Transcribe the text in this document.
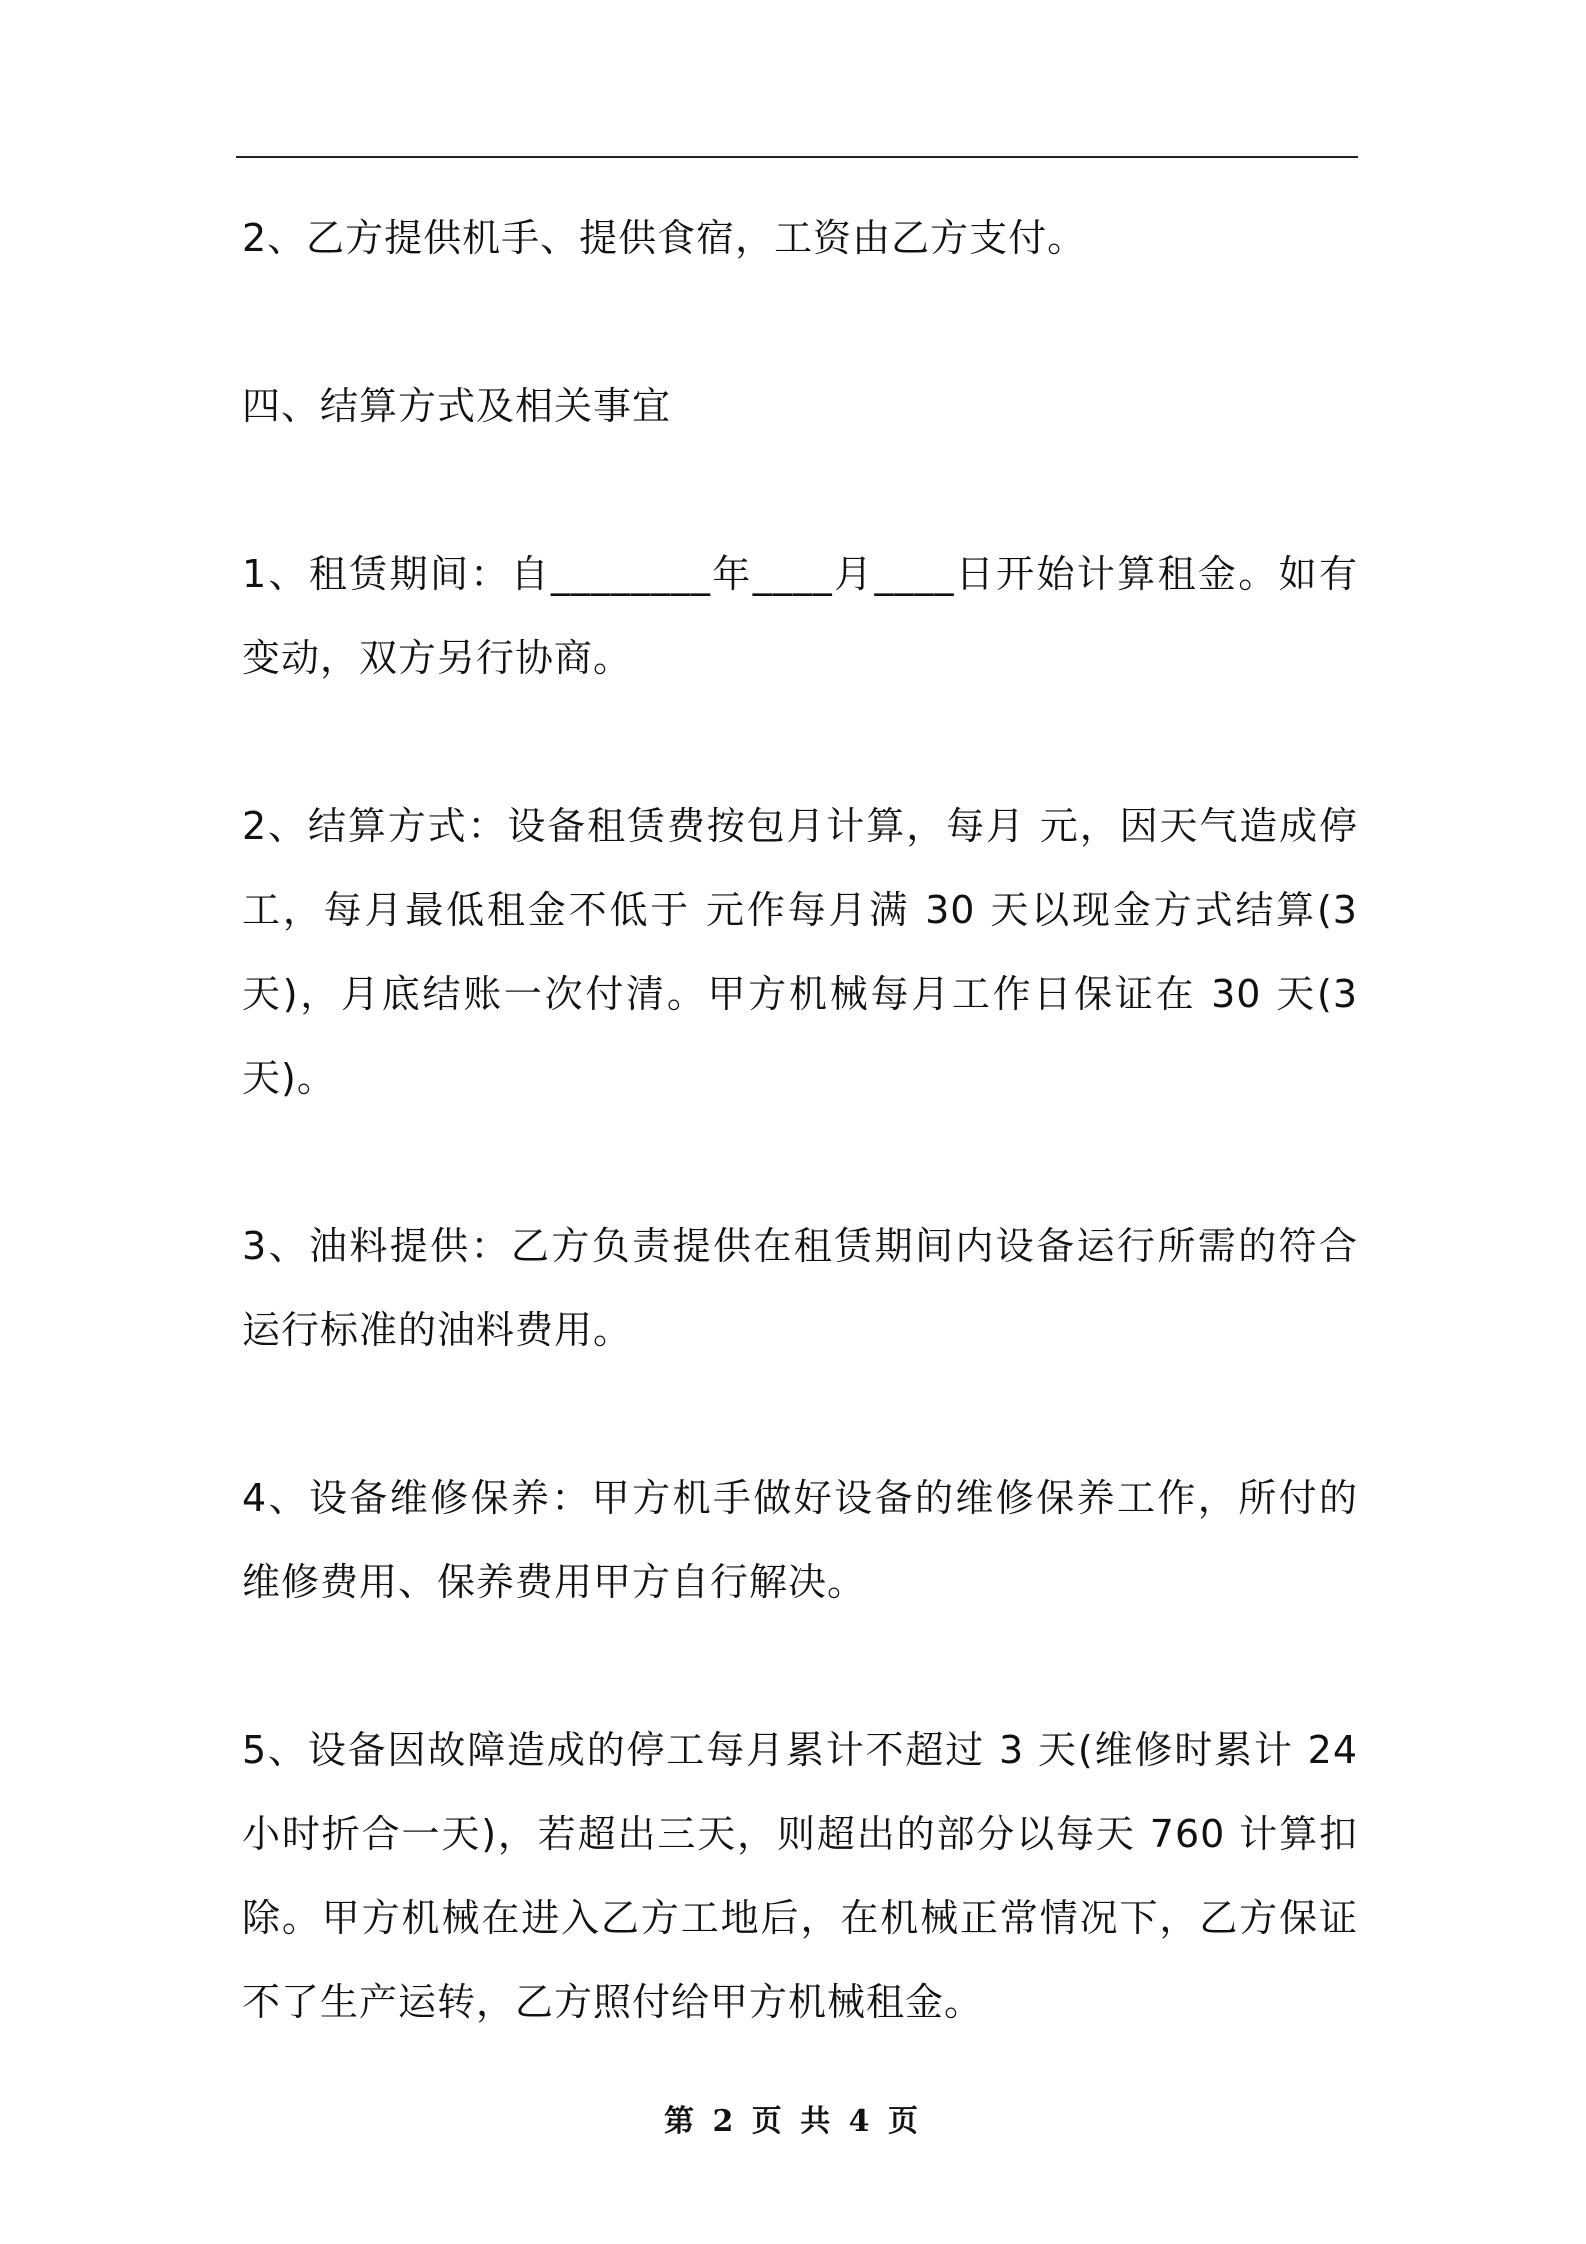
2、乙方提供机手、提供食宿，工资由乙方支付。

四、结算方式及相关事宜

1、租赁期间：自________年____月____日开始计算租金。如有变动，双方另行协商。

2、结算方式：设备租赁费按包月计算，每月 元，因天气造成停工，每月最低租金不低于 元作每月满 30 天以现金方式结算(3 天)，月底结账一次付清。甲方机械每月工作日保证在 30 天(3 天)。

3、油料提供：乙方负责提供在租赁期间内设备运行所需的符合运行标准的油料费用。

4、设备维修保养：甲方机手做好设备的维修保养工作，所付的维修费用、保养费用甲方自行解决。

5、设备因故障造成的停工每月累计不超过 3 天(维修时累计 24 小时折合一天)，若超出三天，则超出的部分以每天 760 计算扣除。甲方机械在进入乙方工地后，在机械正常情况下，乙方保证不了生产运转，乙方照付给甲方机械租金。

第 2 页 共 4 页
